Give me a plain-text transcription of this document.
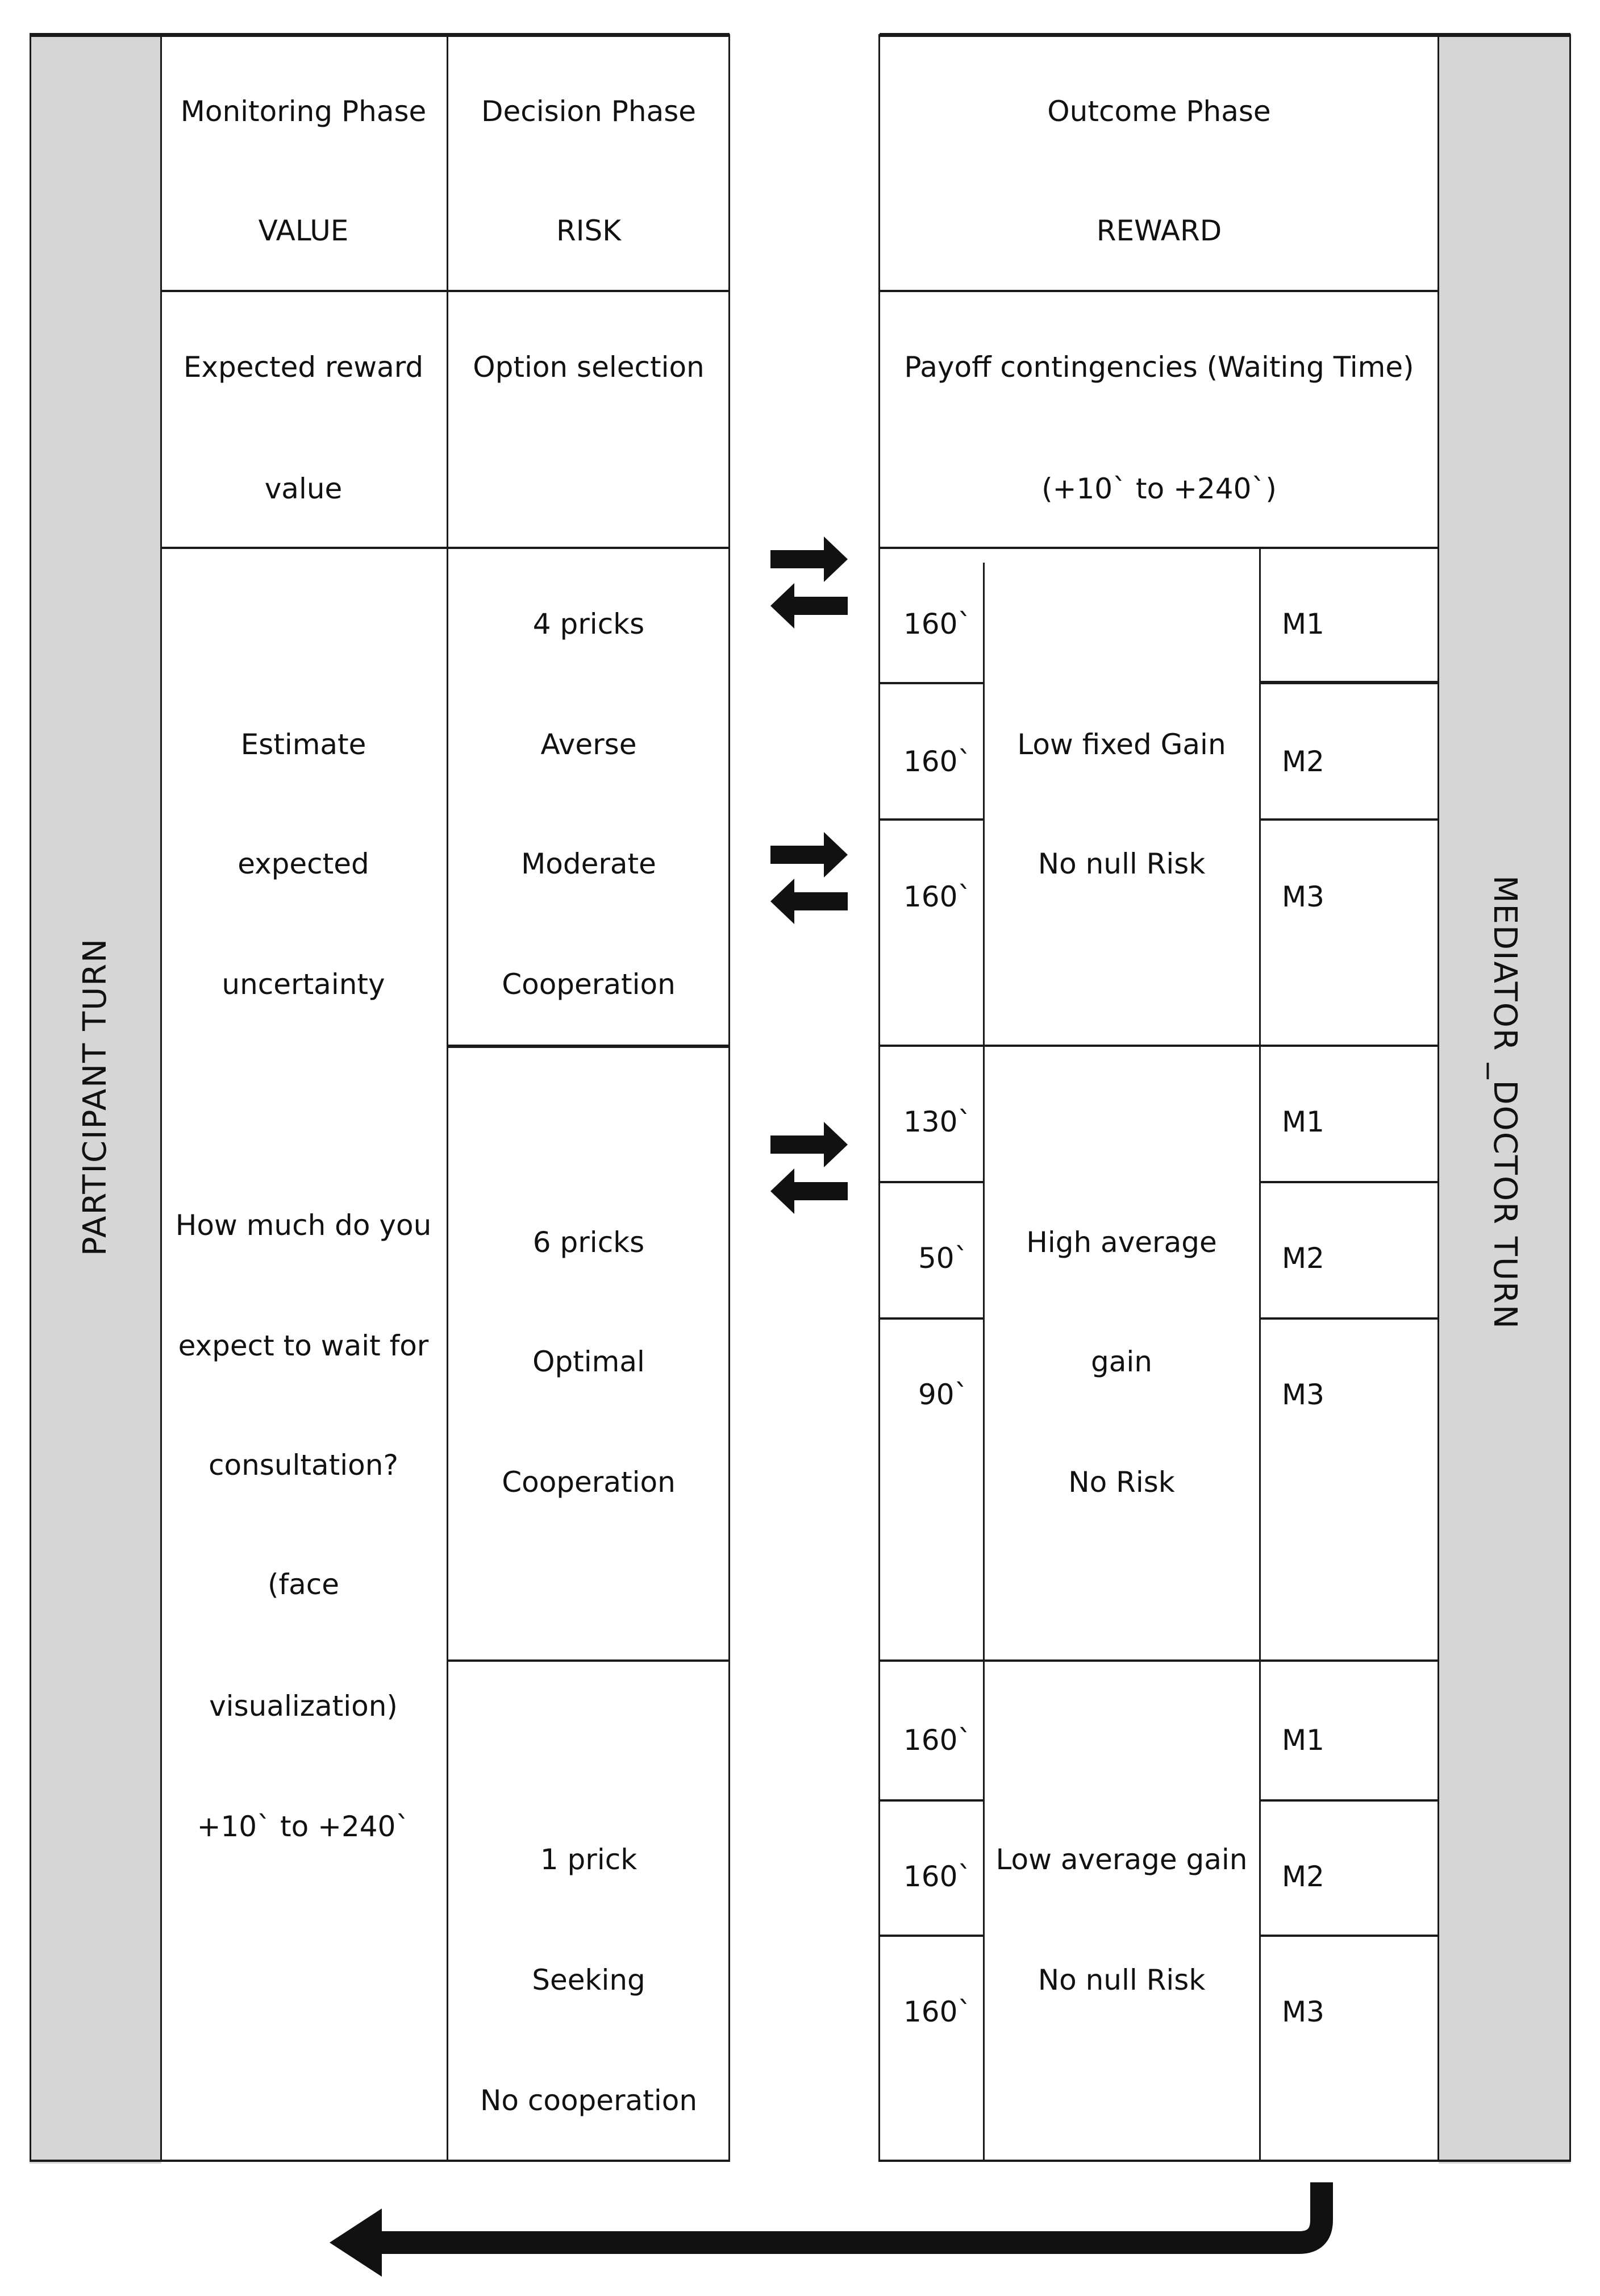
PARTICIPANT TURN	MEDIATOR _DOCTOR TURN
Monitoring Phase
VALUE
Decision Phase
RISK
Expected reward
value
Option selection
Estimate
expected
uncertainty
How much do you
expect to wait for
consultation?
(face
visualization)
+10` to +240`
4 pricks
Averse
Moderate
Cooperation
6 pricks
Optimal
Cooperation
1 prick
Seeking
No cooperation
Outcome Phase
REWARD
Payoff contingencies (Waiting Time)
(+10` to +240`)
160`
160`
160`
M1
M2
M3
Low fixed Gain
No null Risk
130`
50`
90`
M1
M2
M3
High average
gain
No Risk
160`
160`
160`
M1
M2
M3
Low average gain
No null Risk
